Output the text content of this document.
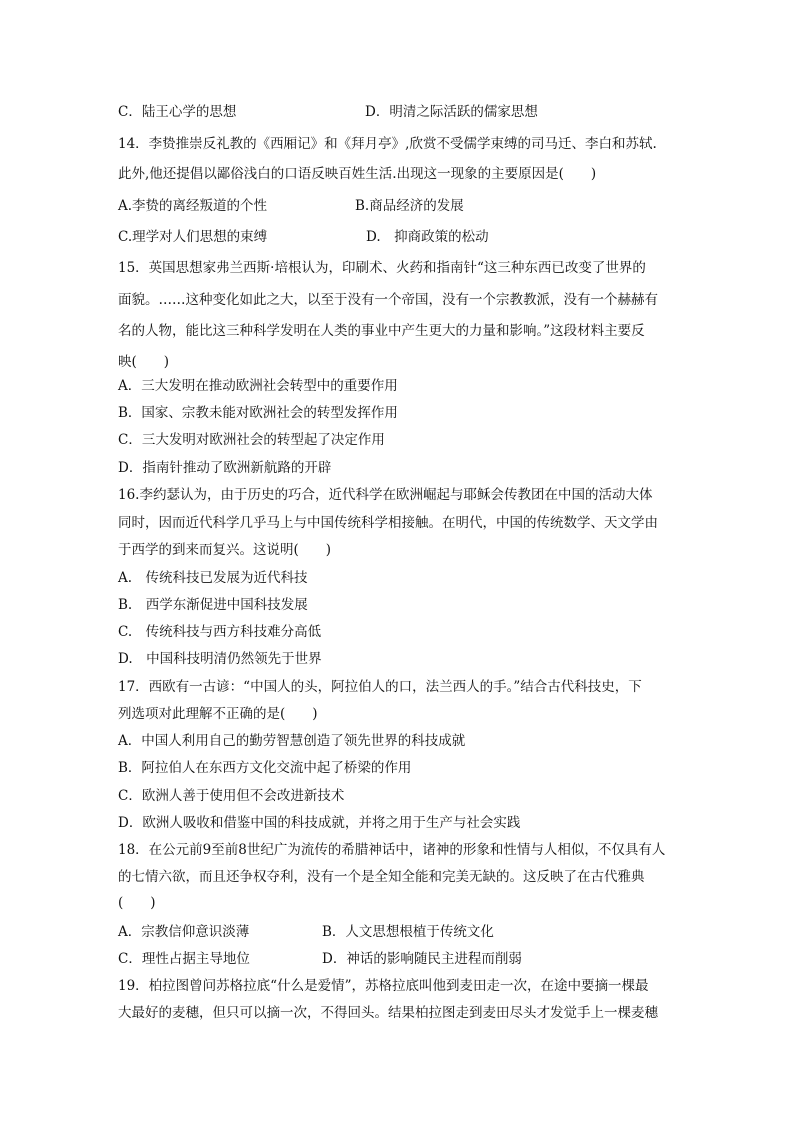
C．陆王心学的思想	D．明清之际活跃的儒家思想
14．李贽推崇反礼教的《西厢记》和《拜月亭》,欣赏不受儒学束缚的司马迁、李白和苏轼.
此外,他还提倡以鄙俗浅白的口语反映百姓生活.出现这一现象的主要原因是(　　)
A.李贽的离经叛道的个性	B.商品经济的发展
C.理学对人们思想的束缚	D.　抑商政策的松动
15．英国思想家弗兰西斯·培根认为，印刷术、火药和指南针“这三种东西已改变了世界的
面貌。……这种变化如此之大，以至于没有一个帝国，没有一个宗教教派，没有一个赫赫有
名的人物，能比这三种科学发明在人类的事业中产生更大的力量和影响。”这段材料主要反
映(　　)
A．三大发明在推动欧洲社会转型中的重要作用
B．国家、宗教未能对欧洲社会的转型发挥作用
C．三大发明对欧洲社会的转型起了决定作用
D．指南针推动了欧洲新航路的开辟
16.李约瑟认为，由于历史的巧合，近代科学在欧洲崛起与耶稣会传教团在中国的活动大体
同时，因而近代科学几乎马上与中国传统科学相接触。在明代，中国的传统数学、天文学由
于西学的到来而复兴。这说明(　　)
A.　传统科技已发展为近代科技
B.　西学东渐促进中国科技发展
C.　传统科技与西方科技难分高低
D.　中国科技明清仍然领先于世界
17．西欧有一古谚：“中国人的头，阿拉伯人的口，法兰西人的手。”结合古代科技史，下
列选项对此理解不正确的是(　　)
A．中国人利用自己的勤劳智慧创造了领先世界的科技成就
B．阿拉伯人在东西方文化交流中起了桥梁的作用
C．欧洲人善于使用但不会改进新技术
D．欧洲人吸收和借鉴中国的科技成就，并将之用于生产与社会实践
18．在公元前9至前8世纪广为流传的希腊神话中，诸神的形象和性情与人相似，不仅具有人
的七情六欲，而且还争权夺利，没有一个是全知全能和完美无缺的。这反映了在古代雅典
(　　)
A．宗教信仰意识淡薄	B．人文思想根植于传统文化
C．理性占据主导地位	D．神话的影响随民主进程而削弱
19．柏拉图曾问苏格拉底“什么是爱情”，苏格拉底叫他到麦田走一次，在途中要摘一棵最
大最好的麦穗，但只可以摘一次，不得回头。结果柏拉图走到麦田尽头才发觉手上一棵麦穗
